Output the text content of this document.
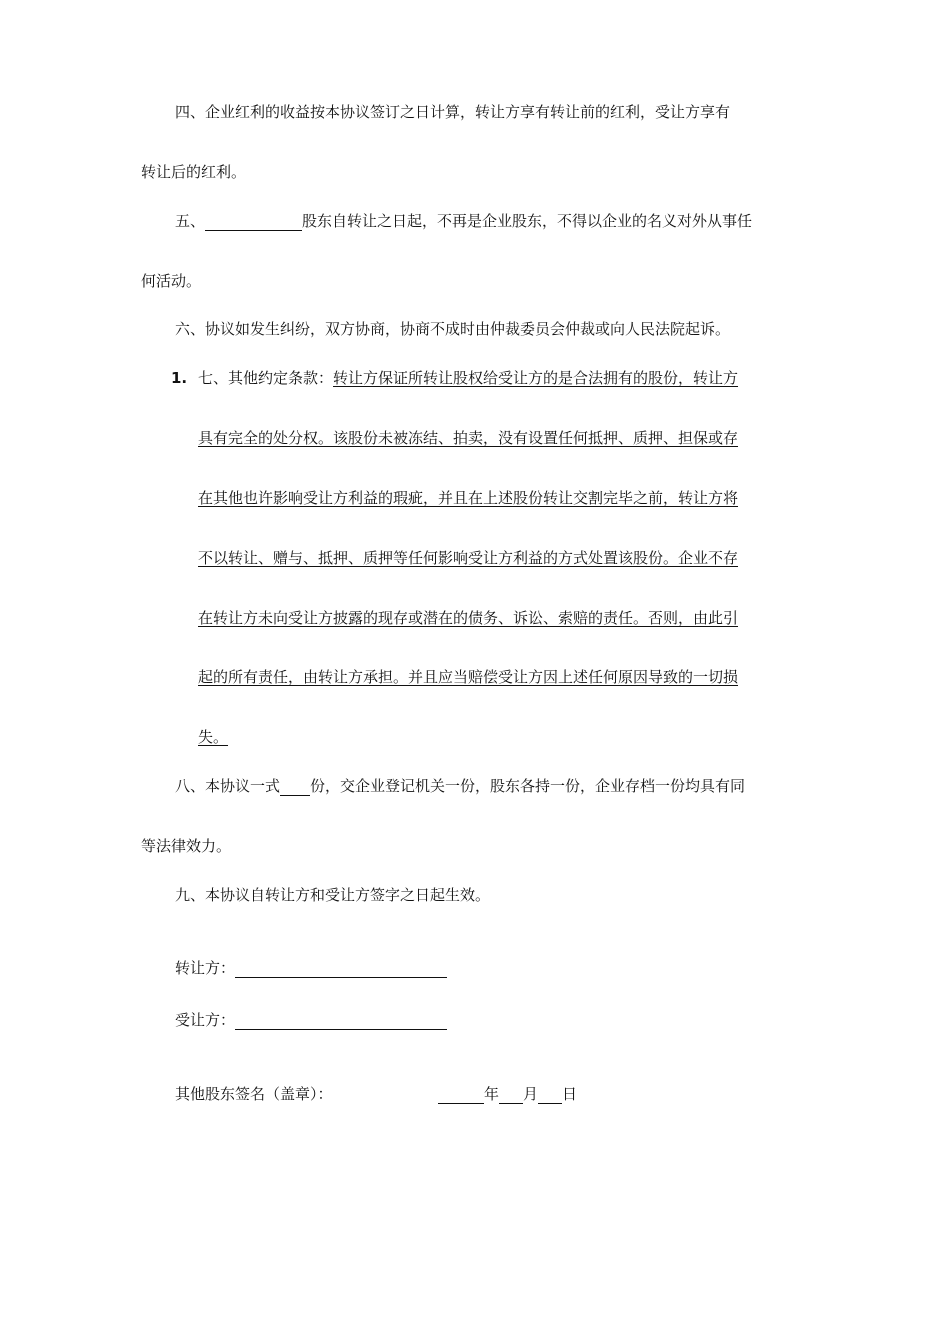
四、企业红利的收益按本协议签订之日计算，转让方享有转让前的红利，受让方享有
转让后的红利。
五、	股东自转让之日起，不再是企业股东，不得以企业的名义对外从事任
何活动。
六、协议如发生纠纷，双方协商，协商不成时由仲裁委员会仲裁或向人民法院起诉。
1. 七、其他约定条款：转让方保证所转让股权给受让方的是合法拥有的股份，转让方
具有完全的处分权。该股份未被冻结、拍卖，没有设置任何抵押、质押、担保或存
在其他也许影响受让方利益的瑕疵，并且在上述股份转让交割完毕之前，转让方将
不以转让、赠与、抵押、质押等任何影响受让方利益的方式处置该股份。企业不存
在转让方未向受让方披露的现存或潜在的债务、诉讼、索赔的责任。否则，由此引
起的所有责任，由转让方承担。并且应当赔偿受让方因上述任何原因导致的一切损
失。
八、本协议一式 份，交企业登记机关一份，股东各持一份，企业存档一份均具有同
等法律效力。
九、本协议自转让方和受让方签字之日起生效。
转让方：
受让方：
其他股东签名（盖章）：	年 月 日
